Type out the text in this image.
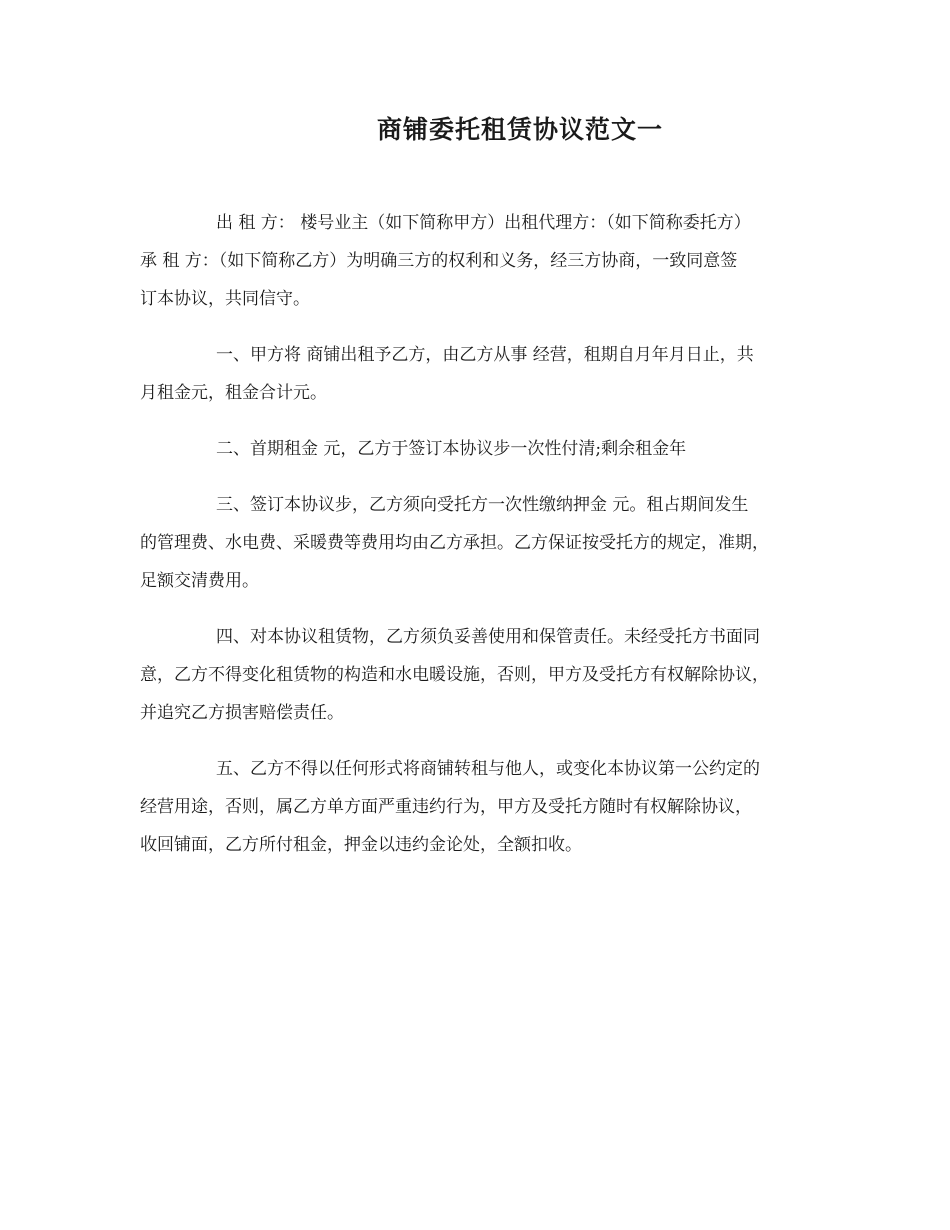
商铺委托租赁协议范文一

出 租 方： 楼号业主（如下简称甲方）出租代理方：（如下简称委托方）
承 租 方：（如下简称乙方）为明确三方的权利和义务，经三方协商，一致同意签
订本协议，共同信守。

一、甲方将 商铺出租予乙方，由乙方从事 经营，租期自月年月日止，共
月租金元，租金合计元。

二、首期租金 元，乙方于签订本协议步一次性付清;剩余租金年

三、签订本协议步，乙方须向受托方一次性缴纳押金 元。租占期间发生
的管理费、水电费、采暖费等费用均由乙方承担。乙方保证按受托方的规定，准期，
足额交清费用。

四、对本协议租赁物，乙方须负妥善使用和保管责任。未经受托方书面同
意，乙方不得变化租赁物的构造和水电暖设施，否则，甲方及受托方有权解除协议，
并追究乙方损害赔偿责任。

五、乙方不得以任何形式将商铺转租与他人，或变化本协议第一公约定的
经营用途，否则，属乙方单方面严重违约行为，甲方及受托方随时有权解除协议，
收回铺面，乙方所付租金，押金以违约金论处，全额扣收。
